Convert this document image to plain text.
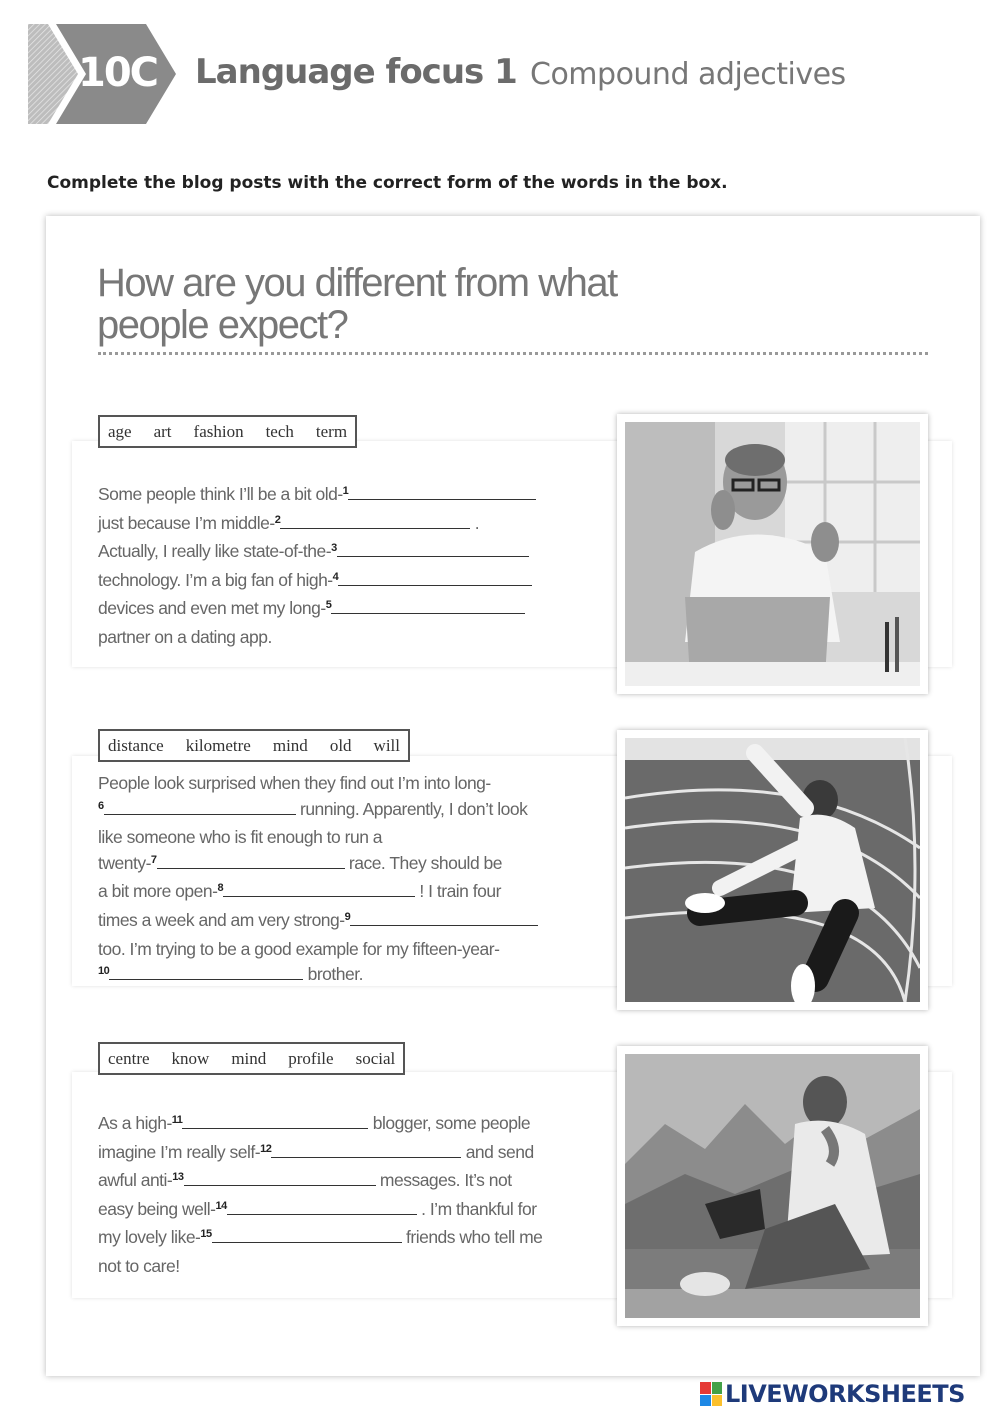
10C Language focus 1 Compound adjectives
Complete the blog posts with the correct form of the words in the box.
How are you different from what people expect?
age art fashion tech term
Some people think I’ll be a bit old-$^1$
just because I’m middle-$^2$	.
Actually, I really like state-of-the-$^3$
technology. I’m a big fan of high-$^4$
devices and even met my long-$^5$
partner on a dating app.
distance kilometre mind old will
People look surprised when they find out I’m into long-
$^6$	running. Apparently, I don’t look
like someone who is fit enough to run a
twenty-$^7$	race. They should be
a bit more open-$^8$	! I train four
times a week and am very strong-$^9$
too. I’m trying to be a good example for my fifteen-year-
$^{10}$	brother.
centre know mind profile social
As a high-$^{11}$	blogger, some people
imagine I’m really self-$^{12}$	and send
awful anti-$^{13}$	messages. It’s not
easy being well-$^{14}$	. I’m thankful for
my lovely like-$^{15}$	friends who tell me
not to care!
LIVEWORKSHEETS
